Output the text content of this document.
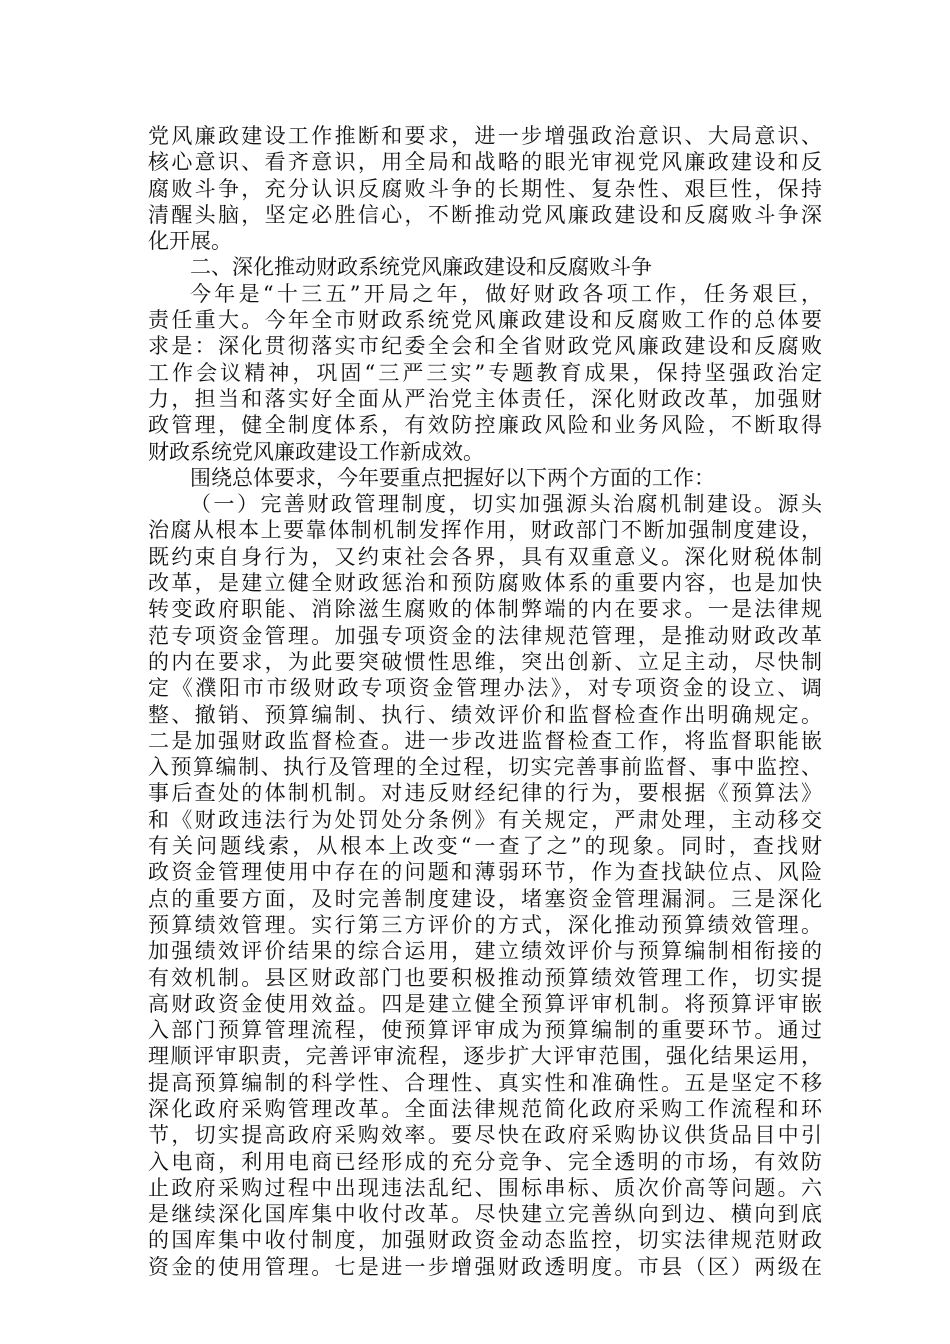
党风廉政建设工作推断和要求，进一步增强政治意识、大局意识、
核心意识、看齐意识，用全局和战略的眼光审视党风廉政建设和反
腐败斗争，充分认识反腐败斗争的长期性、复杂性、艰巨性，保持
清醒头脑，坚定必胜信心，不断推动党风廉政建设和反腐败斗争深
化开展。
二、深化推动财政系统党风廉政建设和反腐败斗争
今年是“十三五”开局之年，做好财政各项工作，任务艰巨，
责任重大。今年全市财政系统党风廉政建设和反腐败工作的总体要
求是：深化贯彻落实市纪委全会和全省财政党风廉政建设和反腐败
工作会议精神，巩固“三严三实”专题教育成果，保持坚强政治定
力，担当和落实好全面从严治党主体责任，深化财政改革，加强财
政管理，健全制度体系，有效防控廉政风险和业务风险，不断取得
财政系统党风廉政建设工作新成效。
围绕总体要求，今年要重点把握好以下两个方面的工作：
（一）完善财政管理制度，切实加强源头治腐机制建设。源头
治腐从根本上要靠体制机制发挥作用，财政部门不断加强制度建设，
既约束自身行为，又约束社会各界，具有双重意义。深化财税体制
改革，是建立健全财政惩治和预防腐败体系的重要内容，也是加快
转变政府职能、消除滋生腐败的体制弊端的内在要求。一是法律规
范专项资金管理。加强专项资金的法律规范管理，是推动财政改革
的内在要求，为此要突破惯性思维，突出创新、立足主动，尽快制
定《濮阳市市级财政专项资金管理办法》，对专项资金的设立、调
整、撤销、预算编制、执行、绩效评价和监督检查作出明确规定。
二是加强财政监督检查。进一步改进监督检查工作，将监督职能嵌
入预算编制、执行及管理的全过程，切实完善事前监督、事中监控、
事后查处的体制机制。对违反财经纪律的行为，要根据《预算法》
和《财政违法行为处罚处分条例》有关规定，严肃处理，主动移交
有关问题线索，从根本上改变“一查了之”的现象。同时，查找财
政资金管理使用中存在的问题和薄弱环节，作为查找缺位点、风险
点的重要方面，及时完善制度建设，堵塞资金管理漏洞。三是深化
预算绩效管理。实行第三方评价的方式，深化推动预算绩效管理。
加强绩效评价结果的综合运用，建立绩效评价与预算编制相衔接的
有效机制。县区财政部门也要积极推动预算绩效管理工作，切实提
高财政资金使用效益。四是建立健全预算评审机制。将预算评审嵌
入部门预算管理流程，使预算评审成为预算编制的重要环节。通过
理顺评审职责，完善评审流程，逐步扩大评审范围，强化结果运用，
提高预算编制的科学性、合理性、真实性和准确性。五是坚定不移
深化政府采购管理改革。全面法律规范简化政府采购工作流程和环
节，切实提高政府采购效率。要尽快在政府采购协议供货品目中引
入电商，利用电商已经形成的充分竞争、完全透明的市场，有效防
止政府采购过程中出现违法乱纪、围标串标、质次价高等问题。六
是继续深化国库集中收付改革。尽快建立完善纵向到边、横向到底
的国库集中收付制度，加强财政资金动态监控，切实法律规范财政
资金的使用管理。七是进一步增强财政透明度。市县（区）两级在
